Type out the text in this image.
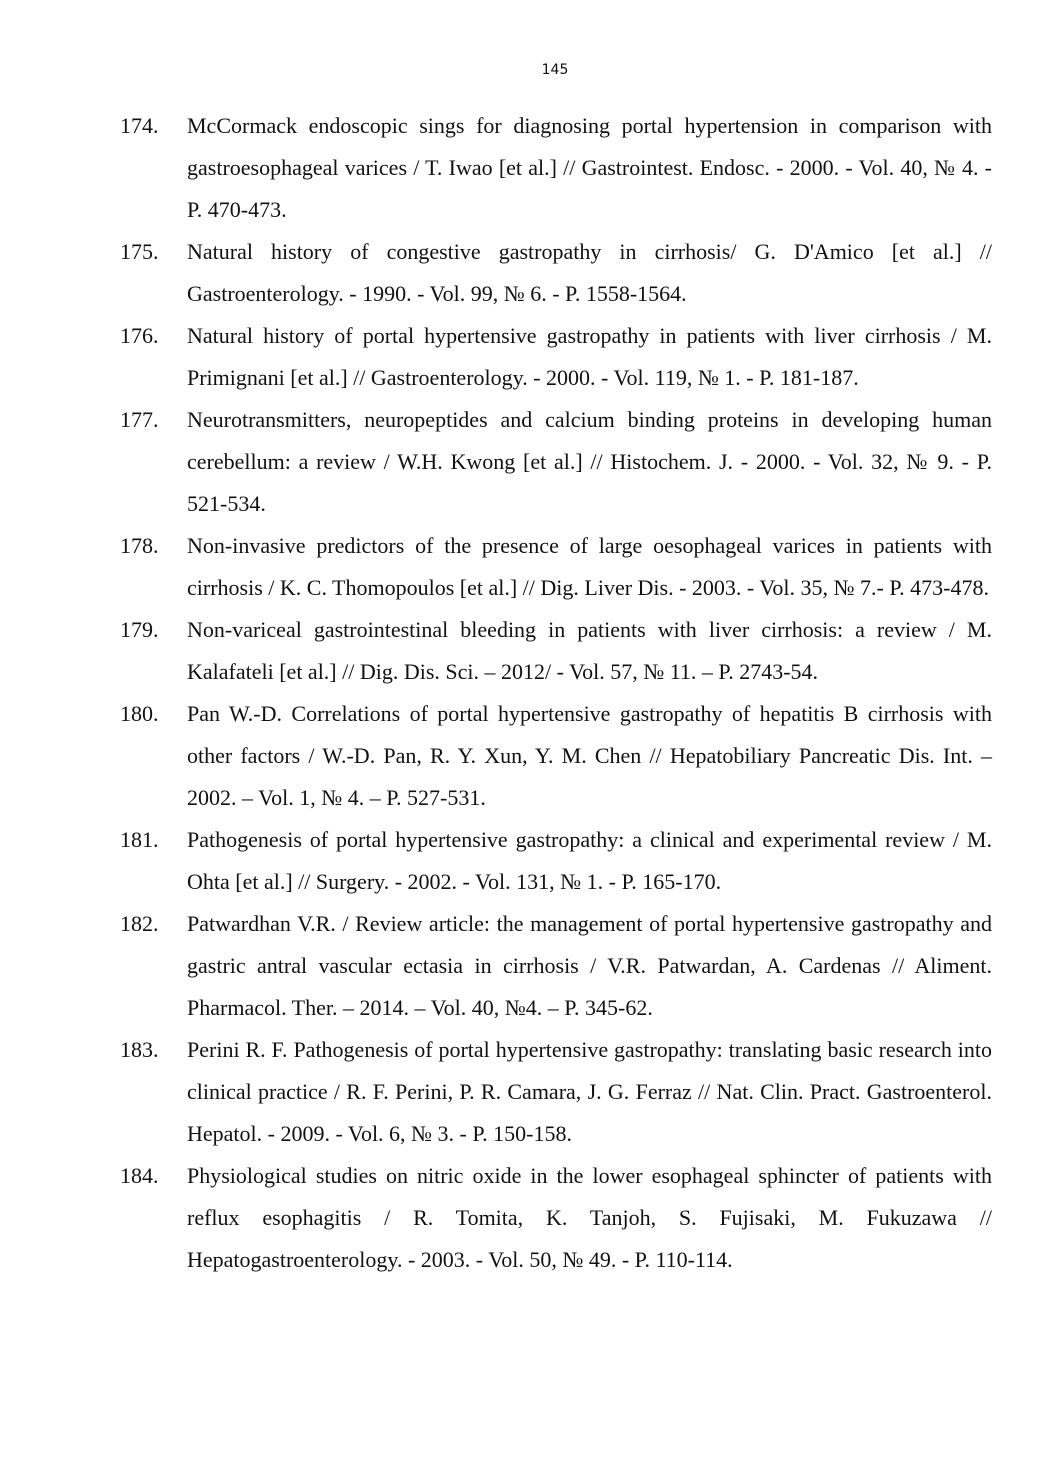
145
174. McCormack endoscopic sings for diagnosing portal hypertension in comparison with gastroesophageal varices / T. Iwao [et al.] // Gastrointest. Endosc. - 2000. - Vol. 40, № 4. - P. 470-473.
175. Natural history of congestive gastropathy in cirrhosis/ G. D'Amico [et al.] // Gastroenterology. - 1990. - Vol. 99, № 6. - P. 1558-1564.
176. Natural history of portal hypertensive gastropathy in patients with liver cirrhosis / M. Primignani [et al.] // Gastroenterology. - 2000. - Vol. 119, № 1. - P. 181-187.
177. Neurotransmitters, neuropeptides and calcium binding proteins in developing human cerebellum: a review / W.H. Kwong [et al.] // Histochem. J. - 2000. - Vol. 32, № 9. - P. 521-534.
178. Non-invasive predictors of the presence of large oesophageal varices in patients with cirrhosis / K. C. Thomopoulos [et al.] // Dig. Liver Dis. - 2003. - Vol. 35, № 7.- P. 473-478.
179. Non-variceal gastrointestinal bleeding in patients with liver cirrhosis: a review / M. Kalafateli [et al.] // Dig. Dis. Sci. – 2012/ - Vol. 57, № 11. – P. 2743-54.
180. Pan W.-D. Correlations of portal hypertensive gastropathy of hepatitis B cirrhosis with other factors / W.-D. Pan, R. Y. Xun, Y. M. Chen // Hepatobiliary Pancreatic Dis. Int. – 2002. – Vol. 1, № 4. – P. 527-531.
181. Pathogenesis of portal hypertensive gastropathy: a clinical and experimental review / M. Ohta [et al.] // Surgery. - 2002. - Vol. 131, № 1. - P. 165-170.
182. Patwardhan V.R. / Review article: the management of portal hypertensive gastropathy and gastric antral vascular ectasia in cirrhosis / V.R. Patwardan, A. Cardenas // Aliment. Pharmacol. Ther. – 2014. – Vol. 40, №4. – P. 345-62.
183. Perini R. F. Pathogenesis of portal hypertensive gastropathy: translating basic research into clinical practice / R. F. Perini, P. R. Camara, J. G. Ferraz // Nat. Clin. Pract. Gastroenterol. Hepatol. - 2009. - Vol. 6, № 3. - P. 150-158.
184. Physiological studies on nitric oxide in the lower esophageal sphincter of patients with reflux esophagitis / R. Tomita, K. Tanjoh, S. Fujisaki, M. Fukuzawa // Hepatogastroenterology. - 2003. - Vol. 50, № 49. - P. 110-114.
